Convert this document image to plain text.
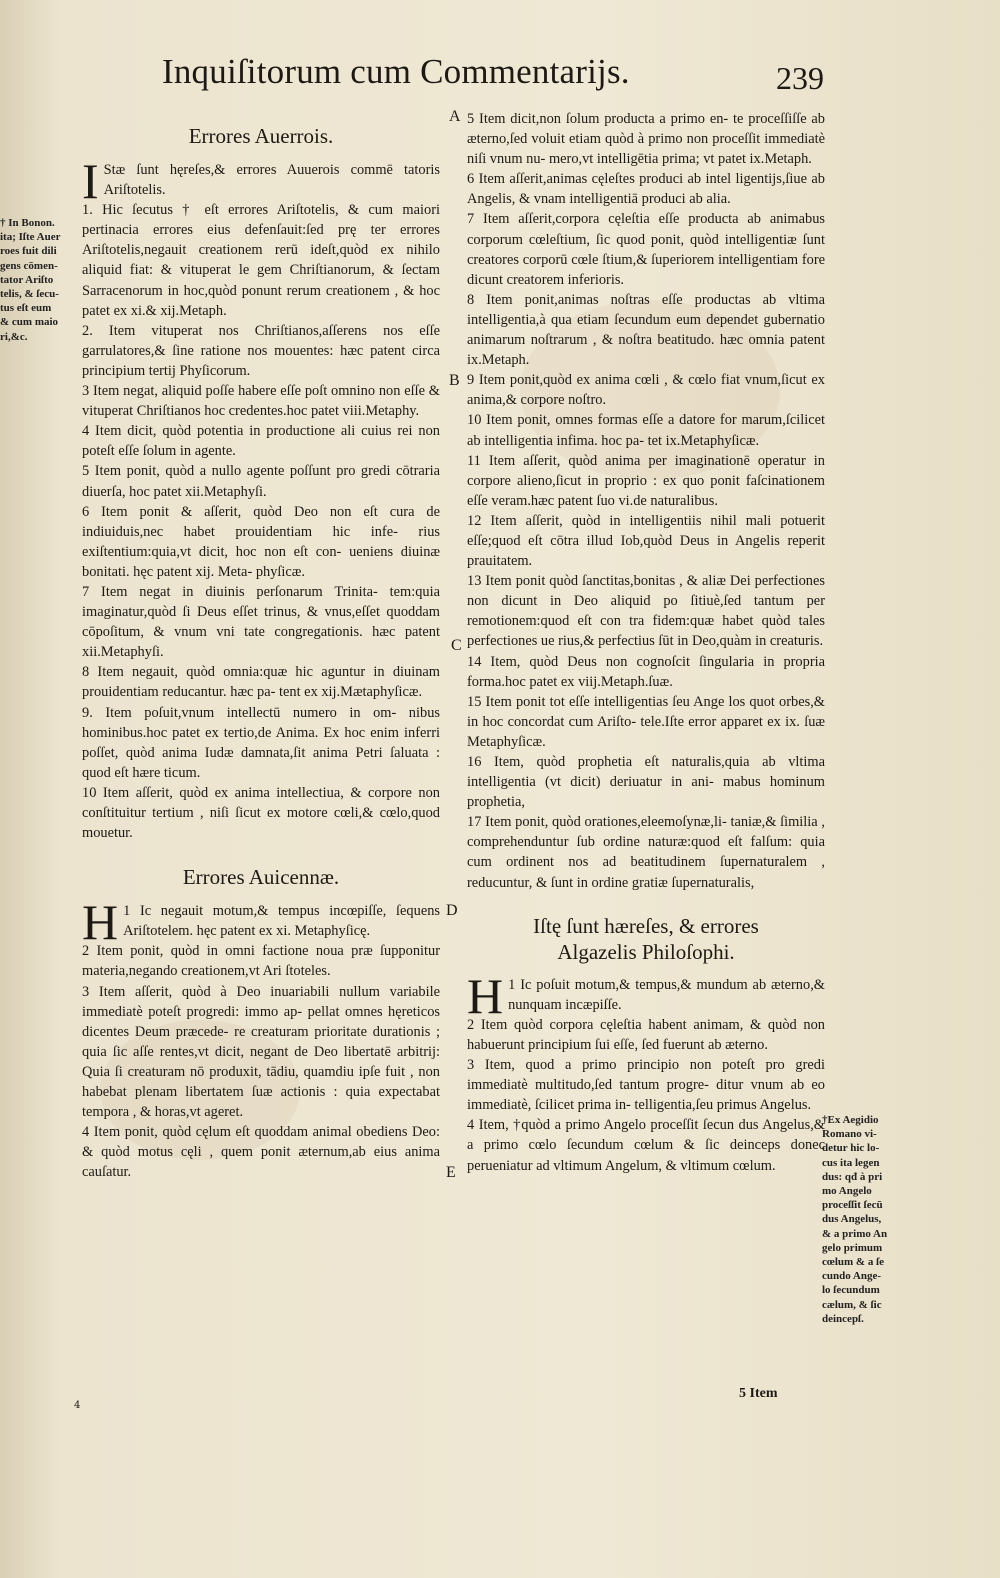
Inquiſitorum cum Commentarijs.	239

† In Bonon.

ita; Iſte Auer

roes fuit dili

gens cōmen-

tator Ariſto

telis, & ſecu-

tus eſt eum

& cum maio

ri,&c.

A
B
C
D
E
Errores Auerrois.

I Stæ ſunt hęreſes,& errores Auuerois commē tatoris Ariſtotelis.

1. Hic ſecutus † eſt errores Ariſtotelis, & cum maiori pertinacia errores eius defenſauit:ſed prę ter errores Ariſtotelis,negauit creationem rerū ideſt,quòd ex nihilo aliquid fiat: & vituperat le gem Chriſtianorum, & ſectam Sarracenorum in hoc,quòd ponunt rerum creationem , & hoc patet ex xi.& xij.Metaph.

2. Item vituperat nos Chriſtianos,aſſerens nos eſſe garrulatores,& ſine ratione nos mouentes: hæc patent circa principium tertij Phyſicorum.

3 Item negat, aliquid poſſe habere eſſe poſt omnino non eſſe & vituperat Chriſtianos hoc credentes.hoc patet viii.Metaphy.

4 Item dicit, quòd potentia in productione ali cuius rei non poteſt eſſe ſolum in agente.

5 Item ponit, quòd a nullo agente poſſunt pro gredi cōtraria diuerſa, hoc patet xii.Metaphyſi.

6 Item ponit & aſſerit, quòd Deo non eſt cura de indiuiduis,nec habet prouidentiam hic infe- rius exiſtentium:quia,vt dicit, hoc non eſt con- ueniens diuinæ bonitati. hęc patent xij. Meta- phyſicæ.

7 Item negat in diuinis perſonarum Trinita- tem:quia imaginatur,quòd ſi Deus eſſet trinus, & vnus,eſſet quoddam cōpoſitum, & vnum vni tate congregationis. hæc patent xii.Metaphyſi.

8 Item negauit, quòd omnia:quæ hic aguntur in diuinam prouidentiam reducantur. hæc pa- tent ex xij.Mætaphyſicæ.

9. Item poſuit,vnum intellectū numero in om- nibus hominibus.hoc patet ex tertio,de Anima. Ex hoc enim inferri poſſet, quòd anima Iudæ damnata,ſit anima Petri ſaluata : quod eſt hære ticum.

10 Item aſſerit, quòd ex anima intellectiua, & corpore non conſtituitur tertium , niſi ſicut ex motore cœli,& cœlo,quod mouetur.

Errores Auicennæ.

H 1 Ic negauit motum,& tempus incœpiſſe, ſequens Ariſtotelem. hęc patent ex xi. Metaphyſicę.

2 Item ponit, quòd in omni factione noua præ ſupponitur materia,negando creationem,vt Ari ſtoteles.

3 Item aſſerit, quòd à Deo inuariabili nullum variabile immediatè poteſt progredi: immo ap- pellat omnes hęreticos dicentes Deum præcede- re creaturam prioritate durationis ; quia ſic aſſe rentes,vt dicit, negant de Deo libertatē arbitrij: Quia ſi creaturam nō produxit, tādiu, quamdiu ipſe fuit , non habebat plenam libertatem ſuæ actionis : quia expectabat tempora , & horas,vt ageret.

4 Item ponit, quòd cęlum eſt quoddam animal obediens Deo: & quòd motus cęli , quem ponit æternum,ab eius anima cauſatur.

5 Item dicit,non ſolum producta a primo en- te proceſſiſſe ab æterno,ſed voluit etiam quòd à primo non proceſſit immediatè niſi vnum nu- mero,vt intelligētia prima; vt patet ix.Metaph.

6 Item aſſerit,animas cęleſtes produci ab intel ligentijs,ſiue ab Angelis, & vnam intelligentiā produci ab alia.

7 Item aſſerit,corpora cęleſtia eſſe producta ab animabus corporum cœleſtium, ſic quod ponit, quòd intelligentiæ ſunt creatores corporū cœle ſtium,& ſuperiorem intelligentiam fore dicunt creatorem inferioris.

8 Item ponit,animas noſtras eſſe productas ab vltima intelligentia,à qua etiam ſecundum eum dependet gubernatio animarum noſtrarum , & noſtra beatitudo. hæc omnia patent ix.Metaph.

9 Item ponit,quòd ex anima cœli , & cœlo fiat vnum,ſicut ex anima,& corpore noſtro.

10 Item ponit, omnes formas eſſe a datore for marum,ſcilicet ab intelligentia infima. hoc pa- tet ix.Metaphyſicæ.

11 Item aſſerit, quòd anima per imaginationē operatur in corpore alieno,ſicut in proprio : ex quo ponit faſcinationem eſſe veram.hæc patent ſuo vi.de naturalibus.

12 Item aſſerit, quòd in intelligentiis nihil mali potuerit eſſe;quod eſt cōtra illud Iob,quòd Deus in Angelis reperit prauitatem.

13 Item ponit quòd ſanctitas,bonitas , & aliæ Dei perfectiones non dicunt in Deo aliquid po ſitiuè,ſed tantum per remotionem:quod eſt con tra fidem:quæ habet quòd tales perfectiones ue rius,& perfectius ſūt in Deo,quàm in creaturis.

14 Item, quòd Deus non cognoſcit ſingularia in propria forma.hoc patet ex viij.Metaph.ſuæ.

15 Item ponit tot eſſe intelligentias ſeu Ange los quot orbes,& in hoc concordat cum Ariſto- tele.Iſte error apparet ex ix. ſuæ Metaphyſicæ.

16 Item, quòd prophetia eſt naturalis,quia ab vltima intelligentia (vt dicit) deriuatur in ani- mabus hominum prophetia,

17 Item ponit, quòd orationes,eleemoſynæ,li- taniæ,& ſimilia , comprehenduntur ſub ordine naturæ:quod eſt falſum: quia cum ordinent nos ad beatitudinem ſupernaturalem , reducuntur, & ſunt in ordine gratiæ ſupernaturalis,

Iſtę ſunt hæreſes, & errores
Algazelis Philoſophi.

H 1 Ic poſuit motum,& tempus,& mundum ab æterno,& nunquam incæpiſſe.

2 Item quòd corpora cęleſtia habent animam, & quòd non habuerunt principium ſui eſſe, ſed fuerunt ab æterno.

3 Item, quod a primo principio non poteſt pro gredi immediatè multitudo,ſed tantum progre- ditur vnum ab eo immediatè, ſcilicet prima in- telligentia,ſeu primus Angelus.

4 Item, †quòd a primo Angelo proceſſit ſecun dus Angelus,& a primo cœlo ſecundum cœlum & ſic deinceps donec perueniatur ad vltimum Angelum, & vltimum cœlum.

†Ex Aegidio

Romano vi-

detur hic lo-

cus ita legen

dus: qđ à pri

mo Angelo

proceſſit ſecū

dus Angelus,

& a primo An

gelo primum

cœlum & a ſe

cundo Ange-

lo ſecundum

cælum, & ſic

deincepſ.

5 Item
4
